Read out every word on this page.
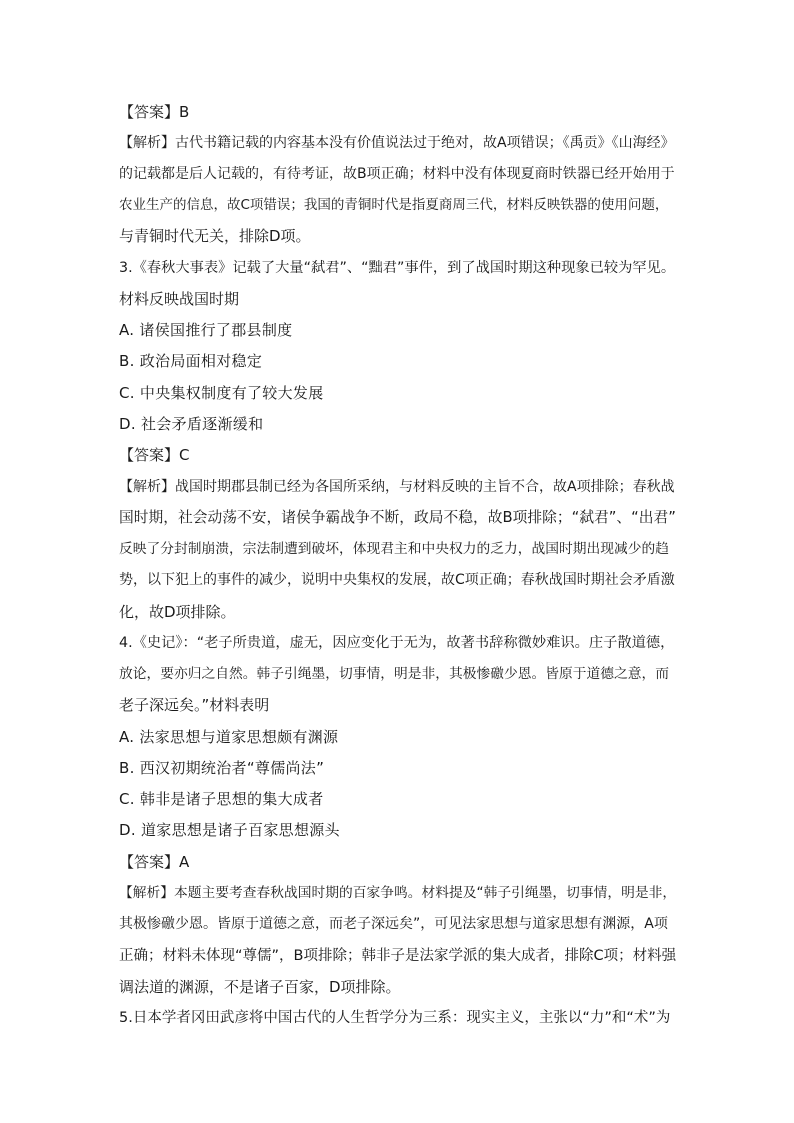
【答案】B
【解析】古代书籍记载的内容基本没有价值说法过于绝对，故A项错误；《禹贡》《山海经》
的记载都是后人记载的，有待考证，故B项正确；材料中没有体现夏商时铁器已经开始用于
农业生产的信息，故C项错误；我国的青铜时代是指夏商周三代，材料反映铁器的使用问题，
与青铜时代无关，排除D项。
3.《春秋大事表》记载了大量“弑君”、“黜君”事件，到了战国时期这种现象已较为罕见。
材料反映战国时期
A. 诸侯国推行了郡县制度
B. 政治局面相对稳定
C. 中央集权制度有了较大发展
D. 社会矛盾逐渐缓和
【答案】C
【解析】战国时期郡县制已经为各国所采纳，与材料反映的主旨不合，故A项排除；春秋战
国时期，社会动荡不安，诸侯争霸战争不断，政局不稳，故B项排除；“弑君”、“出君”
反映了分封制崩溃，宗法制遭到破坏，体现君主和中央权力的乏力，战国时期出现减少的趋
势，以下犯上的事件的减少，说明中央集权的发展，故C项正确；春秋战国时期社会矛盾激
化，故D项排除。
4.《史记》：“老子所贵道，虚无，因应变化于无为，故著书辞称微妙难识。庄子散道德，
放论，要亦归之自然。韩子引绳墨，切事情，明是非，其极惨礉少恩。皆原于道德之意，而
老子深远矣。”材料表明
A. 法家思想与道家思想颇有渊源
B. 西汉初期统治者“尊儒尚法”
C. 韩非是诸子思想的集大成者
D. 道家思想是诸子百家思想源头
【答案】A
【解析】本题主要考查春秋战国时期的百家争鸣。材料提及“韩子引绳墨，切事情，明是非，
其极惨礉少恩。皆原于道德之意，而老子深远矣”，可见法家思想与道家思想有渊源，A项
正确；材料未体现“尊儒”，B项排除；韩非子是法家学派的集大成者，排除C项；材料强
调法道的渊源，不是诸子百家，D项排除。
5.日本学者冈田武彦将中国古代的人生哲学分为三系：现实主义，主张以“力”和“术”为
